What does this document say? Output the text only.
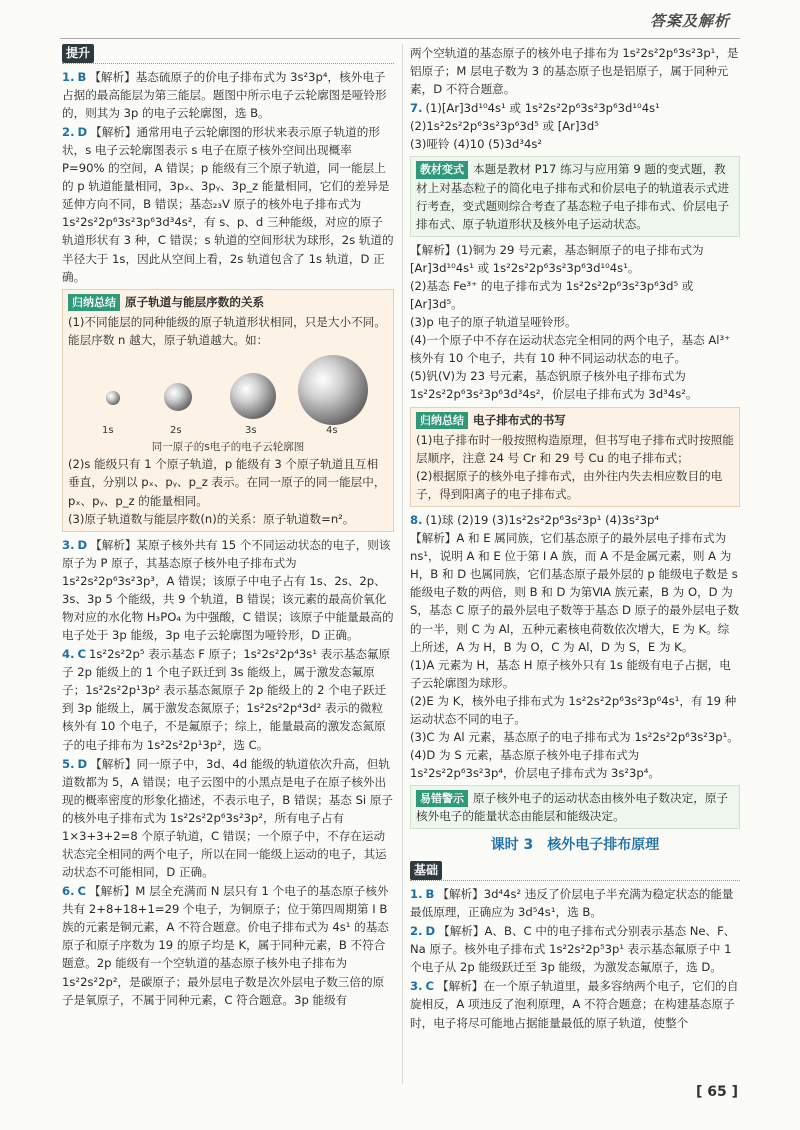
答案及解析
提升

1. B 【解析】基态硫原子的价电子排布式为 3s²3p⁴，核外电子占据的最高能层为第三能层。题图中所示电子云轮廓图是哑铃形的，则其为 3p 的电子云轮廓图，选 B。

2. D 【解析】通常用电子云轮廓图的形状来表示原子轨道的形状，s 电子云轮廓图表示 s 电子在原子核外空间出现概率 P=90% 的空间，A 错误；p 能级有三个原子轨道，同一能层上的 p 轨道能量相同，3pₓ、3pᵧ、3p_z 能量相同，它们的差异是延伸方向不同，B 错误；基态₂₃V 原子的核外电子排布式为 1s²2s²2p⁶3s²3p⁶3d³4s²，有 s、p、d 三种能级，对应的原子轨道形状有 3 种，C 错误；s 轨道的空间形状为球形，2s 轨道的半径大于 1s，因此从空间上看，2s 轨道包含了 1s 轨道，D 正确。

归纳总结 原子轨道与能层序数的关系

(1)不同能层的同种能级的原子轨道形状相同，只是大小不同。能层序数 n 越大，原子轨道越大。如：

1s	2s	3s	4s
同一原子的s电子的电子云轮廓图

(2)s 能级只有 1 个原子轨道，p 能级有 3 个原子轨道且互相垂直，分别以 pₓ、pᵧ、p_z 表示。在同一原子的同一能层中，pₓ、pᵧ、p_z 的能量相同。

(3)原子轨道数与能层序数(n)的关系：原子轨道数=n²。

3. D 【解析】某原子核外共有 15 个不同运动状态的电子，则该原子为 P 原子，其基态原子核外电子排布式为 1s²2s²2p⁶3s²3p³，A 错误；该原子中电子占有 1s、2s、2p、3s、3p 5 个能级，共 9 个轨道，B 错误；该元素的最高价氧化物对应的水化物 H₃PO₄ 为中强酸，C 错误；该原子中能量最高的电子处于 3p 能级，3p 电子云轮廓图为哑铃形，D 正确。

4. C 1s²2s²2p⁵ 表示基态 F 原子；1s²2s²2p⁴3s¹ 表示基态氟原子 2p 能级上的 1 个电子跃迁到 3s 能级上，属于激发态氟原子；1s²2s²2p¹3p² 表示基态氮原子 2p 能级上的 2 个电子跃迁到 3p 能级上，属于激发态氮原子；1s²2s²2p⁴3d² 表示的微粒核外有 10 个电子，不是氟原子；综上，能量最高的激发态氮原子的电子排布为 1s²2s²2p¹3p²，选 C。

5. D 【解析】同一原子中，3d、4d 能级的轨道依次升高，但轨道数都为 5，A 错误；电子云图中的小黑点是电子在原子核外出现的概率密度的形象化描述，不表示电子，B 错误；基态 Si 原子的核外电子排布式为 1s²2s²2p⁶3s²3p²，所有电子占有 1×3+3+2=8 个原子轨道，C 错误；一个原子中，不存在运动状态完全相同的两个电子，所以在同一能级上运动的电子，其运动状态不可能相同，D 正确。

6. C 【解析】M 层全充满而 N 层只有 1 个电子的基态原子核外共有 2+8+18+1=29 个电子，为铜原子；位于第四周期第 Ⅰ B 族的元素是铜元素，A 不符合题意。价电子排布式为 4s¹ 的基态原子和原子序数为 19 的原子均是 K，属于同种元素，B 不符合题意。2p 能级有一个空轨道的基态原子核外电子排布为 1s²2s²2p²，是碳原子；最外层电子数是次外层电子数三倍的原子是氧原子，不属于同种元素，C 符合题意。3p 能级有

两个空轨道的基态原子的核外电子排布为 1s²2s²2p⁶3s²3p¹，是铝原子；M 层电子数为 3 的基态原子也是铝原子，属于同种元素，D 不符合题意。

7. (1)[Ar]3d¹⁰4s¹ 或 1s²2s²2p⁶3s²3p⁶3d¹⁰4s¹

(2)1s²2s²2p⁶3s²3p⁶3d⁵ 或 [Ar]3d⁵

(3)哑铃 (4)10 (5)3d³4s²

教材变式 本题是教材 P17 练习与应用第 9 题的变式题，教材上对基态粒子的简化电子排布式和价层电子的轨道表示式进行考查，变式题则综合考查了基态粒子电子排布式、价层电子排布式、原子轨道形状及核外电子运动状态。

【解析】(1)铜为 29 号元素，基态铜原子的电子排布式为 [Ar]3d¹⁰4s¹ 或 1s²2s²2p⁶3s²3p⁶3d¹⁰4s¹。

(2)基态 Fe³⁺ 的电子排布式为 1s²2s²2p⁶3s²3p⁶3d⁵ 或 [Ar]3d⁵。

(3)p 电子的原子轨道呈哑铃形。

(4)一个原子中不存在运动状态完全相同的两个电子，基态 Al³⁺ 核外有 10 个电子，共有 10 种不同运动状态的电子。

(5)钒(Ⅴ)为 23 号元素，基态钒原子核外电子排布式为 1s²2s²2p⁶3s²3p⁶3d³4s²，价层电子排布式为 3d³4s²。

归纳总结 电子排布式的书写

(1)电子排布时一般按照构造原理，但书写电子排布式时按照能层顺序，注意 24 号 Cr 和 29 号 Cu 的电子排布式；

(2)根据原子的核外电子排布式，由外往内失去相应数目的电子，得到阳离子的电子排布式。

8. (1)球 (2)19 (3)1s²2s²2p⁶3s²3p¹ (4)3s²3p⁴

【解析】A 和 E 属同族，它们基态原子的最外层电子排布式为 ns¹，说明 A 和 E 位于第 Ⅰ A 族，而 A 不是金属元素，则 A 为 H，B 和 D 也属同族，它们基态原子最外层的 p 能级电子数是 s 能级电子数的两倍，则 B 和 D 为第ⅥA 族元素，B 为 O，D 为 S，基态 C 原子的最外层电子数等于基态 D 原子的最外层电子数的一半，则 C 为 Al，五种元素核电荷数依次增大，E 为 K。综上所述，A 为 H，B 为 O，C 为 Al，D 为 S，E 为 K。

(1)A 元素为 H，基态 H 原子核外只有 1s 能级有电子占据，电子云轮廓图为球形。

(2)E 为 K，核外电子排布式为 1s²2s²2p⁶3s²3p⁶4s¹，有 19 种运动状态不同的电子。

(3)C 为 Al 元素，基态原子的电子排布式为 1s²2s²2p⁶3s²3p¹。

(4)D 为 S 元素，基态原子核外电子排布式为 1s²2s²2p⁶3s²3p⁴，价层电子排布式为 3s²3p⁴。

易错警示 原子核外电子的运动状态由核外电子数决定，原子核外电子的能量状态由能层和能级决定。
课时 3　核外电子排布原理
基础

1. B 【解析】3d⁴4s² 违反了价层电子半充满为稳定状态的能量最低原理，正确应为 3d⁵4s¹，选 B。

2. D 【解析】A、B、C 中的电子排布式分别表示基态 Ne、F、Na 原子。核外电子排布式 1s²2s²2p⁵3p¹ 表示基态氟原子中 1 个电子从 2p 能级跃迁至 3p 能级，为激发态氟原子，选 D。

3. C 【解析】在一个原子轨道里，最多容纳两个电子，它们的自旋相反，A 项违反了泡利原理，A 不符合题意；在构建基态原子时，电子将尽可能地占据能量最低的原子轨道，使整个

[ 65 ]
